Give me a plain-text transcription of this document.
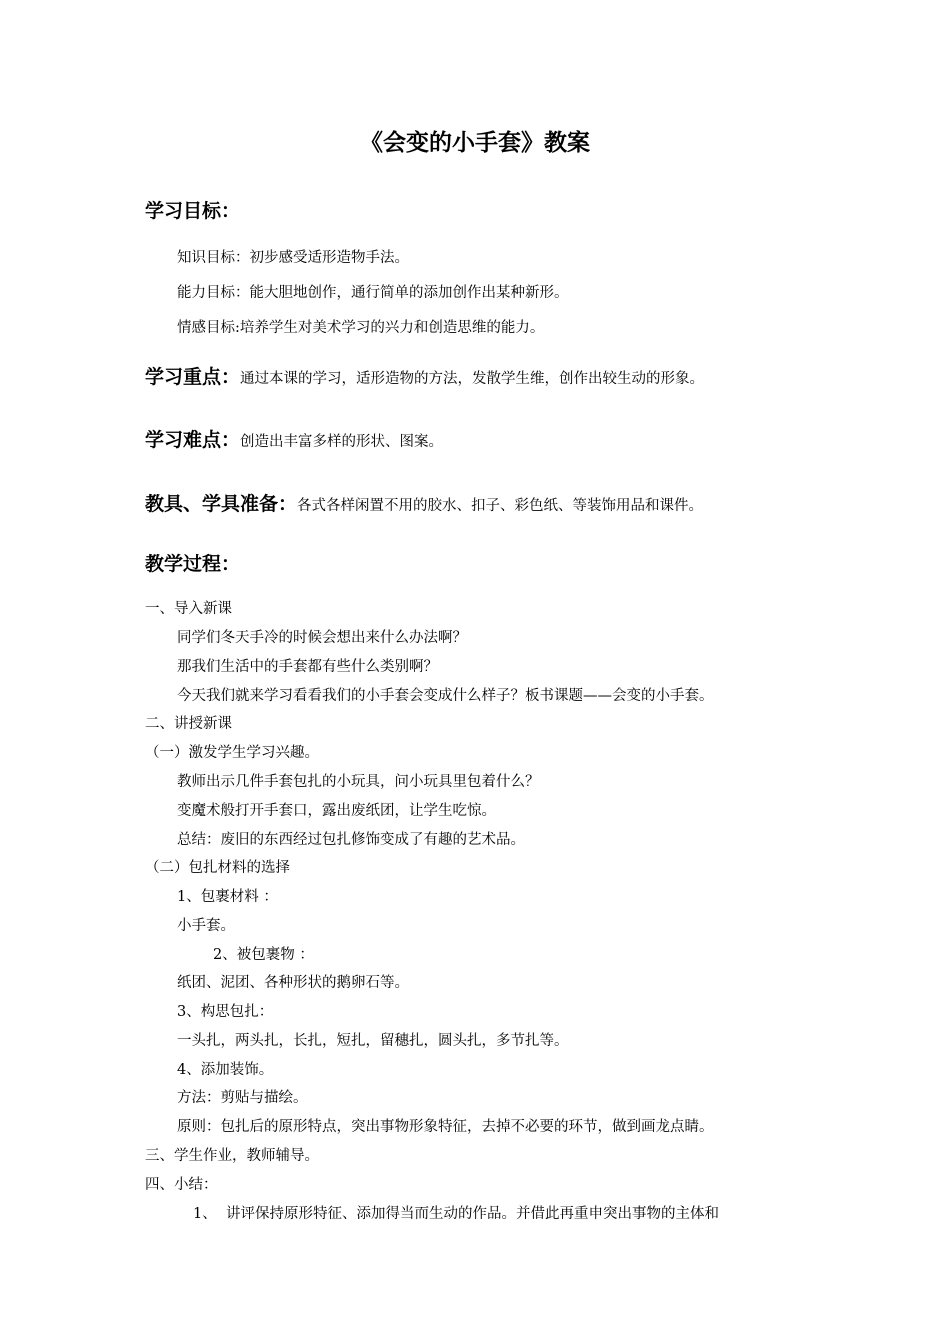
《会变的小手套》教案
学习目标：
知识目标：初步感受适形造物手法。
能力目标：能大胆地创作，通行简单的添加创作出某种新形。
情感目标:培养学生对美术学习的兴力和创造思维的能力。
学习重点：通过本课的学习，适形造物的方法，发散学生维，创作出较生动的形象。
学习难点：创造出丰富多样的形状、图案。
教具、学具准备：各式各样闲置不用的胶水、扣子、彩色纸、等装饰用品和课件。
教学过程：
一、导入新课
同学们冬天手冷的时候会想出来什么办法啊？
那我们生活中的手套都有些什么类别啊？
今天我们就来学习看看我们的小手套会变成什么样子？板书课题——会变的小手套。
二、讲授新课
（一）激发学生学习兴趣。
教师出示几件手套包扎的小玩具，问小玩具里包着什么？
变魔术般打开手套口，露出废纸团，让学生吃惊。
总结：废旧的东西经过包扎修饰变成了有趣的艺术品。
（二）包扎材料的选择
1、包裹材料 ：
小手套。
2、被包裹物 ：
纸团、泥团、各种形状的鹅卵石等。
3、构思包扎：
一头扎，两头扎，长扎，短扎，留穗扎，圆头扎，多节扎等。
4、添加装饰。
方法：剪贴与描绘。
原则：包扎后的原形特点，突出事物形象特征，去掉不必要的环节，做到画龙点睛。
三、学生作业，教师辅导。
四、小结：
1、  讲评保持原形特征、添加得当而生动的作品。并借此再重申突出事物的主体和
